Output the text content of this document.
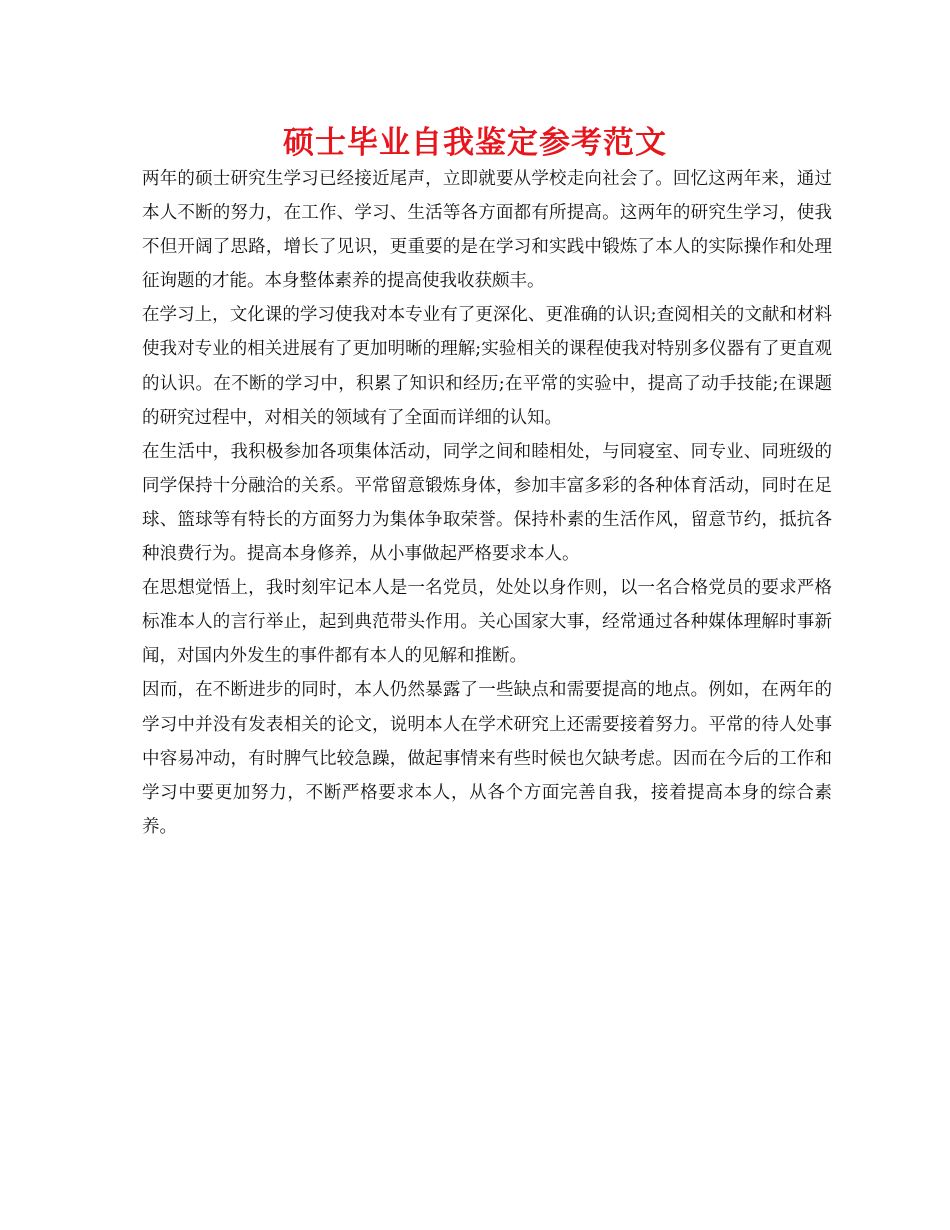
硕士毕业自我鉴定参考范文

两年的硕士研究生学习已经接近尾声，立即就要从学校走向社会了。回忆这两年来，通过本人不断的努力，在工作、学习、生活等各方面都有所提高。这两年的研究生学习，使我不但开阔了思路，增长了见识，更重要的是在学习和实践中锻炼了本人的实际操作和处理征询题的才能。本身整体素养的提高使我收获颇丰。

在学习上，文化课的学习使我对本专业有了更深化、更准确的认识;查阅相关的文献和材料使我对专业的相关进展有了更加明晰的理解;实验相关的课程使我对特别多仪器有了更直观的认识。在不断的学习中，积累了知识和经历;在平常的实验中，提高了动手技能;在课题的研究过程中，对相关的领域有了全面而详细的认知。

在生活中，我积极参加各项集体活动，同学之间和睦相处，与同寝室、同专业、同班级的同学保持十分融洽的关系。平常留意锻炼身体，参加丰富多彩的各种体育活动，同时在足球、篮球等有特长的方面努力为集体争取荣誉。保持朴素的生活作风，留意节约，抵抗各种浪费行为。提高本身修养，从小事做起严格要求本人。

在思想觉悟上，我时刻牢记本人是一名党员，处处以身作则，以一名合格党员的要求严格标准本人的言行举止，起到典范带头作用。关心国家大事，经常通过各种媒体理解时事新闻，对国内外发生的事件都有本人的见解和推断。

因而，在不断进步的同时，本人仍然暴露了一些缺点和需要提高的地点。例如，在两年的学习中并没有发表相关的论文，说明本人在学术研究上还需要接着努力。平常的待人处事中容易冲动，有时脾气比较急躁，做起事情来有些时候也欠缺考虑。因而在今后的工作和学习中要更加努力，不断严格要求本人，从各个方面完善自我，接着提高本身的综合素养。
